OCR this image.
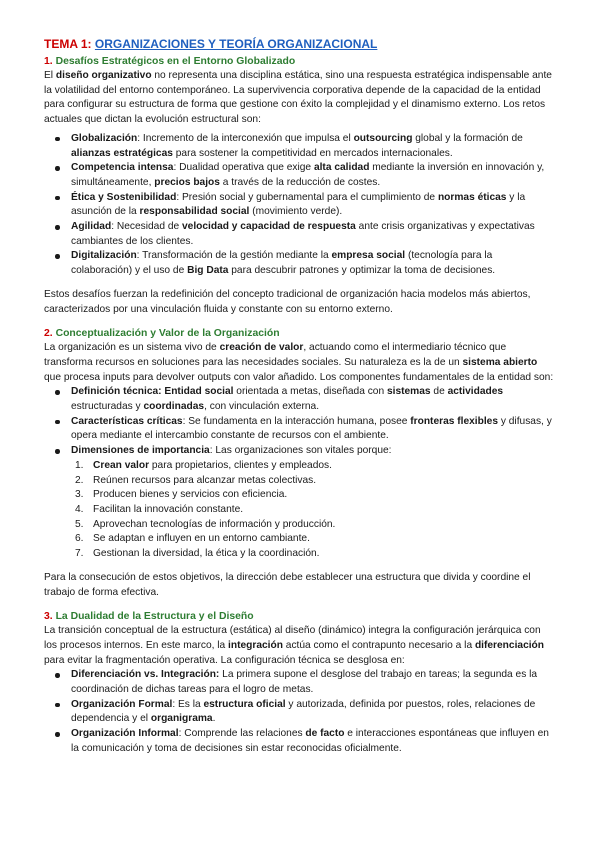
TEMA 1: ORGANIZACIONES Y TEORÍA ORGANIZACIONAL
1. Desafíos Estratégicos en el Entorno Globalizado

El diseño organizativo no representa una disciplina estática, sino una respuesta estratégica indispensable ante la volatilidad del entorno contemporáneo. La supervivencia corporativa depende de la capacidad de la entidad para configurar su estructura de forma que gestione con éxito la complejidad y el dinamismo externo. Los retos actuales que dictan la evolución estructural son:

Globalización: Incremento de la interconexión que impulsa el outsourcing global y la formación de alianzas estratégicas para sostener la competitividad en mercados internacionales.
Competencia intensa: Dualidad operativa que exige alta calidad mediante la inversión en innovación y, simultáneamente, precios bajos a través de la reducción de costes.
Ética y Sostenibilidad: Presión social y gubernamental para el cumplimiento de normas éticas y la asunción de la responsabilidad social (movimiento verde).
Agilidad: Necesidad de velocidad y capacidad de respuesta ante crisis organizativas y expectativas cambiantes de los clientes.
Digitalización: Transformación de la gestión mediante la empresa social (tecnología para la colaboración) y el uso de Big Data para descubrir patrones y optimizar la toma de decisiones.

Estos desafíos fuerzan la redefinición del concepto tradicional de organización hacia modelos más abiertos, caracterizados por una vinculación fluida y constante con su entorno externo.

2. Conceptualización y Valor de la Organización

La organización es un sistema vivo de creación de valor, actuando como el intermediario técnico que transforma recursos en soluciones para las necesidades sociales. Su naturaleza es la de un sistema abierto que procesa inputs para devolver outputs con valor añadido. Los componentes fundamentales de la entidad son:

Definición técnica: Entidad social orientada a metas, diseñada con sistemas de actividades estructuradas y coordinadas, con vinculación externa.
Características críticas: Se fundamenta en la interacción humana, posee fronteras flexibles y difusas, y opera mediante el intercambio constante de recursos con el ambiente.
Dimensiones de importancia: Las organizaciones son vitales porque:
1. Crean valor para propietarios, clientes y empleados.
2. Reúnen recursos para alcanzar metas colectivas.
3. Producen bienes y servicios con eficiencia.
4. Facilitan la innovación constante.
5. Aprovechan tecnologías de información y producción.
6. Se adaptan e influyen en un entorno cambiante.
7. Gestionan la diversidad, la ética y la coordinación.

Para la consecución de estos objetivos, la dirección debe establecer una estructura que divida y coordine el trabajo de forma efectiva.

3. La Dualidad de la Estructura y el Diseño

La transición conceptual de la estructura (estática) al diseño (dinámico) integra la configuración jerárquica con los procesos internos. En este marco, la integración actúa como el contrapunto necesario a la diferenciación para evitar la fragmentación operativa. La configuración técnica se desglosa en:

Diferenciación vs. Integración: La primera supone el desglose del trabajo en tareas; la segunda es la coordinación de dichas tareas para el logro de metas.
Organización Formal: Es la estructura oficial y autorizada, definida por puestos, roles, relaciones de dependencia y el organigrama.
Organización Informal: Comprende las relaciones de facto e interacciones espontáneas que influyen en la comunicación y toma de decisiones sin estar reconocidas oficialmente.
